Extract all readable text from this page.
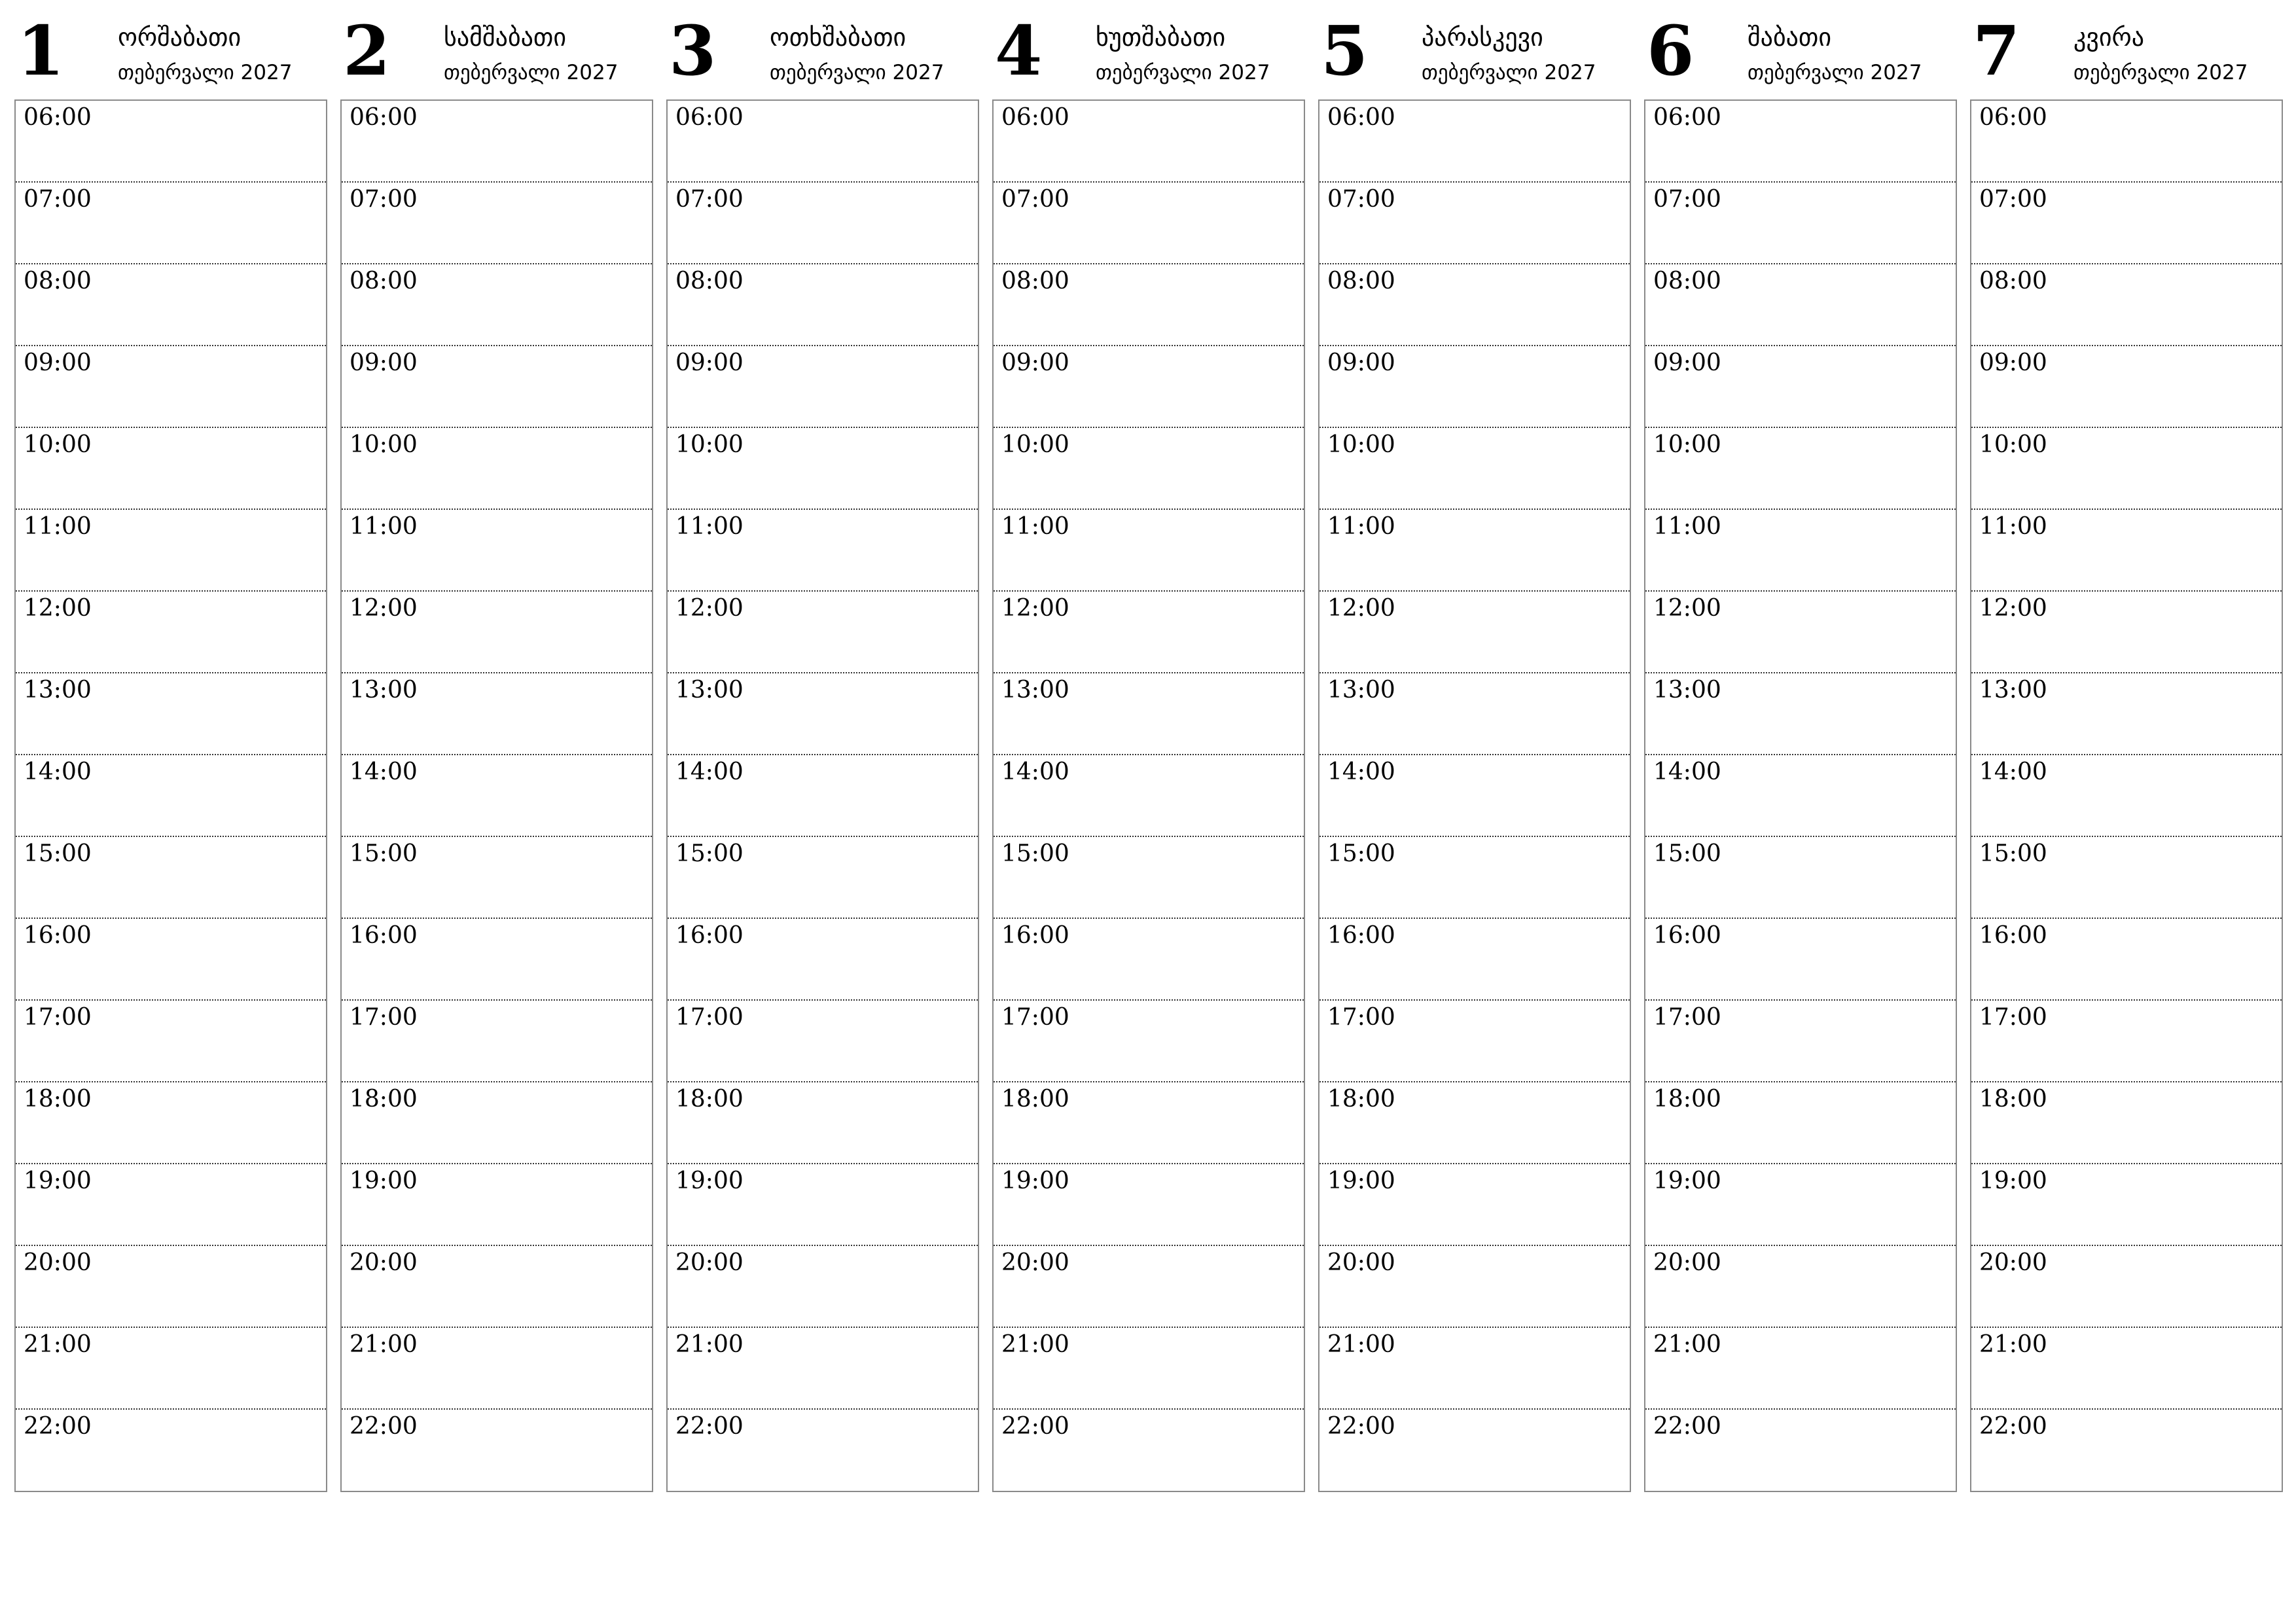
1 ორშაბათი
თებერვალი 2027
06:00
07:00
08:00
09:00
10:00
11:00
12:00
13:00
14:00
15:00
16:00
17:00
18:00
19:00
20:00
21:00
22:00
2 სამშაბათი
თებერვალი 2027
06:00
07:00
08:00
09:00
10:00
11:00
12:00
13:00
14:00
15:00
16:00
17:00
18:00
19:00
20:00
21:00
22:00
3 ოთხშაბათი
თებერვალი 2027
06:00
07:00
08:00
09:00
10:00
11:00
12:00
13:00
14:00
15:00
16:00
17:00
18:00
19:00
20:00
21:00
22:00
4 ხუთშაბათი
თებერვალი 2027
06:00
07:00
08:00
09:00
10:00
11:00
12:00
13:00
14:00
15:00
16:00
17:00
18:00
19:00
20:00
21:00
22:00
5 პარასკევი
თებერვალი 2027
06:00
07:00
08:00
09:00
10:00
11:00
12:00
13:00
14:00
15:00
16:00
17:00
18:00
19:00
20:00
21:00
22:00
6 შაბათი
თებერვალი 2027
06:00
07:00
08:00
09:00
10:00
11:00
12:00
13:00
14:00
15:00
16:00
17:00
18:00
19:00
20:00
21:00
22:00
7 კვირა
თებერვალი 2027
06:00
07:00
08:00
09:00
10:00
11:00
12:00
13:00
14:00
15:00
16:00
17:00
18:00
19:00
20:00
21:00
22:00
